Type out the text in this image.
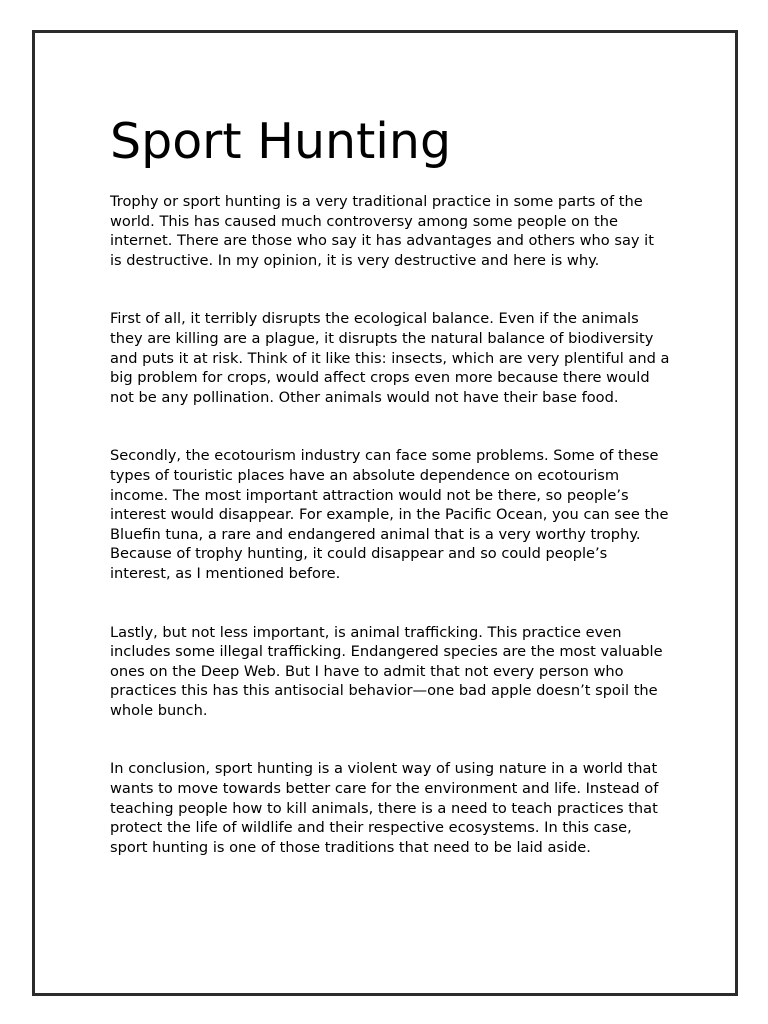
Sport Hunting

Trophy or sport hunting is a very traditional practice in some parts of the world. This has caused much controversy among some people on the internet. There are those who say it has advantages and others who say it is destructive. In my opinion, it is very destructive and here is why.

First of all, it terribly disrupts the ecological balance. Even if the animals they are killing are a plague, it disrupts the natural balance of biodiversity and puts it at risk. Think of it like this: insects, which are very plentiful and a big problem for crops, would affect crops even more because there would not be any pollination. Other animals would not have their base food.

Secondly, the ecotourism industry can face some problems. Some of these types of touristic places have an absolute dependence on ecotourism income. The most important attraction would not be there, so people’s interest would disappear. For example, in the Pacific Ocean, you can see the Bluefin tuna, a rare and endangered animal that is a very worthy trophy. Because of trophy hunting, it could disappear and so could people’s interest, as I mentioned before.

Lastly, but not less important, is animal trafficking. This practice even includes some illegal trafficking. Endangered species are the most valuable ones on the Deep Web. But I have to admit that not every person who practices this has this antisocial behavior—one bad apple doesn’t spoil the whole bunch.

In conclusion, sport hunting is a violent way of using nature in a world that wants to move towards better care for the environment and life. Instead of teaching people how to kill animals, there is a need to teach practices that protect the life of wildlife and their respective ecosystems. In this case, sport hunting is one of those traditions that need to be laid aside.
